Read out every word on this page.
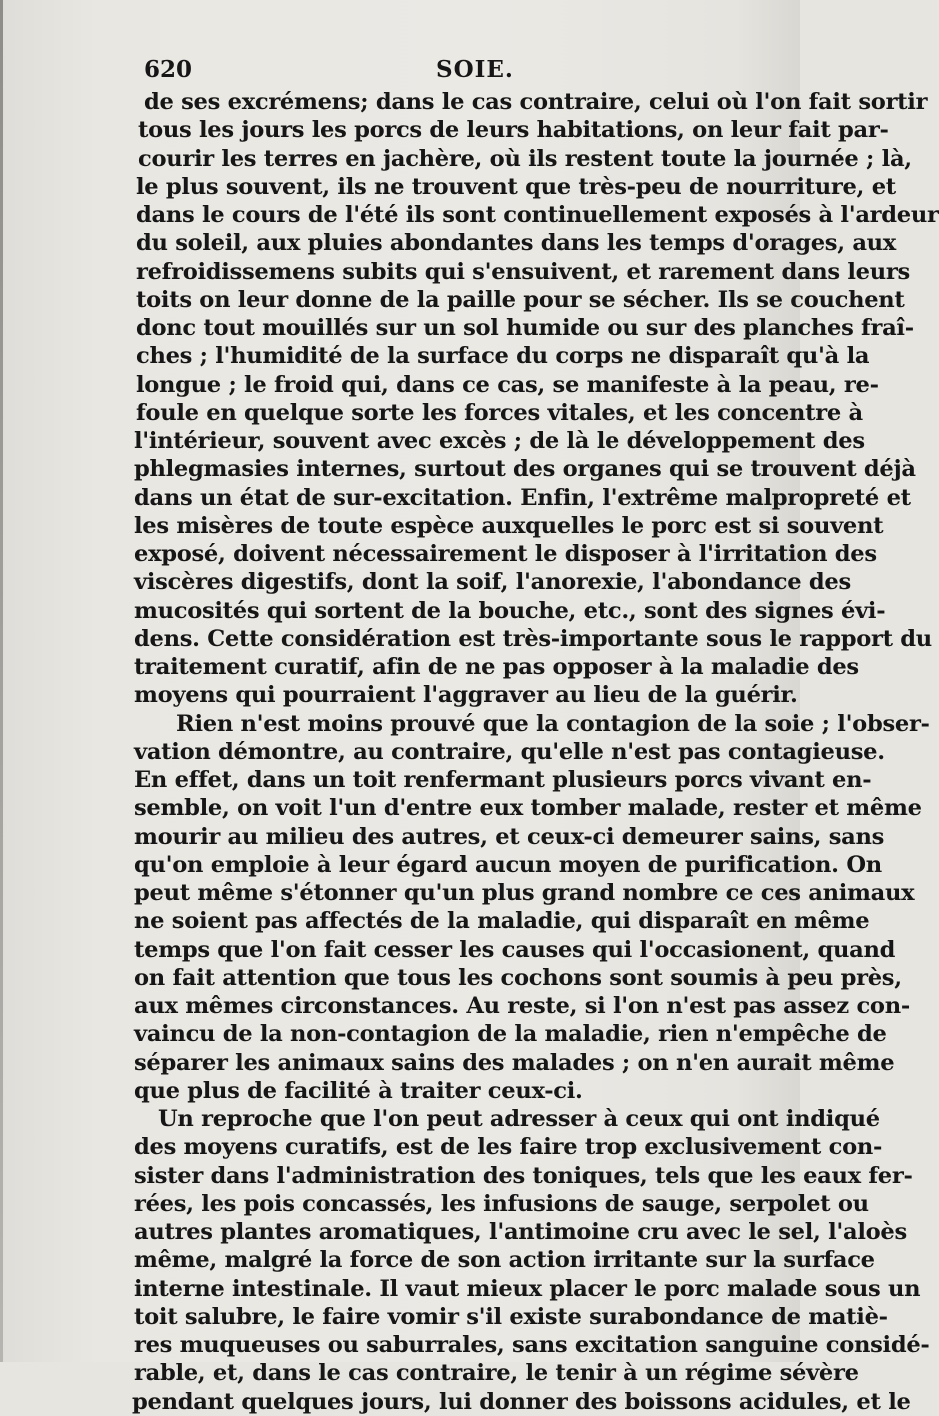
620	SOIE.
de ses excrémens; dans le cas contraire, celui où l'on fait sortir
tous les jours les porcs de leurs habitations, on leur fait par-
courir les terres en jachère, où ils restent toute la journée ; là,
le plus souvent, ils ne trouvent que très-peu de nourriture, et
dans le cours de l'été ils sont continuellement exposés à l'ardeur
du soleil, aux pluies abondantes dans les temps d'orages, aux
refroidissemens subits qui s'ensuivent, et rarement dans leurs
toits on leur donne de la paille pour se sécher. Ils se couchent
donc tout mouillés sur un sol humide ou sur des planches fraî-
ches ; l'humidité de la surface du corps ne disparaît qu'à la
longue ; le froid qui, dans ce cas, se manifeste à la peau, re-
foule en quelque sorte les forces vitales, et les concentre à
l'intérieur, souvent avec excès ; de là le développement des
phlegmasies internes, surtout des organes qui se trouvent déjà
dans un état de sur-excitation. Enfin, l'extrême malpropreté et
les misères de toute espèce auxquelles le porc est si souvent
exposé, doivent nécessairement le disposer à l'irritation des
viscères digestifs, dont la soif, l'anorexie, l'abondance des
mucosités qui sortent de la bouche, etc., sont des signes évi-
dens. Cette considération est très-importante sous le rapport du
traitement curatif, afin de ne pas opposer à la maladie des
moyens qui pourraient l'aggraver au lieu de la guérir.
Rien n'est moins prouvé que la contagion de la soie ; l'obser-
vation démontre, au contraire, qu'elle n'est pas contagieuse.
En effet, dans un toit renfermant plusieurs porcs vivant en-
semble, on voit l'un d'entre eux tomber malade, rester et même
mourir au milieu des autres, et ceux-ci demeurer sains, sans
qu'on emploie à leur égard aucun moyen de purification. On
peut même s'étonner qu'un plus grand nombre ce ces animaux
ne soient pas affectés de la maladie, qui disparaît en même
temps que l'on fait cesser les causes qui l'occasionent, quand
on fait attention que tous les cochons sont soumis à peu près,
aux mêmes circonstances. Au reste, si l'on n'est pas assez con-
vaincu de la non-contagion de la maladie, rien n'empêche de
séparer les animaux sains des malades ; on n'en aurait même
que plus de facilité à traiter ceux-ci.
Un reproche que l'on peut adresser à ceux qui ont indiqué
des moyens curatifs, est de les faire trop exclusivement con-
sister dans l'administration des toniques, tels que les eaux fer-
rées, les pois concassés, les infusions de sauge, serpolet ou
autres plantes aromatiques, l'antimoine cru avec le sel, l'aloès
même, malgré la force de son action irritante sur la surface
interne intestinale. Il vaut mieux placer le porc malade sous un
toit salubre, le faire vomir s'il existe surabondance de matiè-
res muqueuses ou saburrales, sans excitation sanguine considé-
rable, et, dans le cas contraire, le tenir à un régime sévère
pendant quelques jours, lui donner des boissons acidules, et le
